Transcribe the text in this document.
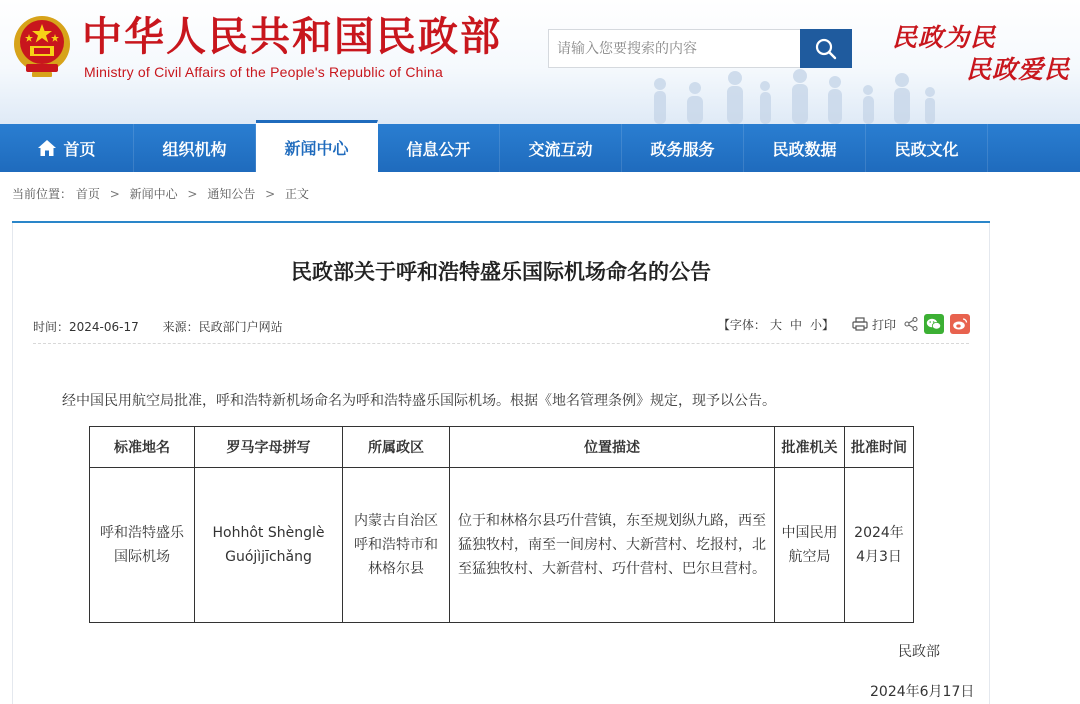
中华人民共和国民政部
Ministry of Civil Affairs of the People's Republic of China
请输入您要搜索的内容
民政为民
民政爱民
首页	组织机构	新闻中心	信息公开	交流互动	政务服务	民政数据	民政文化
当前位置： 首页 > 新闻中心 > 通知公告 > 正文
民政部关于呼和浩特盛乐国际机场命名的公告
时间：2024-06-17 来源：民政部门户网站	【字体： 大 中 小】	打印

经中国民用航空局批准，呼和浩特新机场命名为呼和浩特盛乐国际机场。根据《地名管理条例》规定，现予以公告。

标准地名	罗马字母拼写	所属政区	位置描述	批准机关	批准时间
呼和浩特盛乐国际机场	Hohhôt Shènglè Guójìjīchǎng	内蒙古自治区呼和浩特市和林格尔县	位于和林格尔县巧什营镇，东至规划纵九路，西至猛独牧村，南至一间房村、大新营村、圪报村，北至猛独牧村、大新营村、巧什营村、巴尔旦营村。	中国民用航空局	2024年4月3日
民政部
2024年6月17日
